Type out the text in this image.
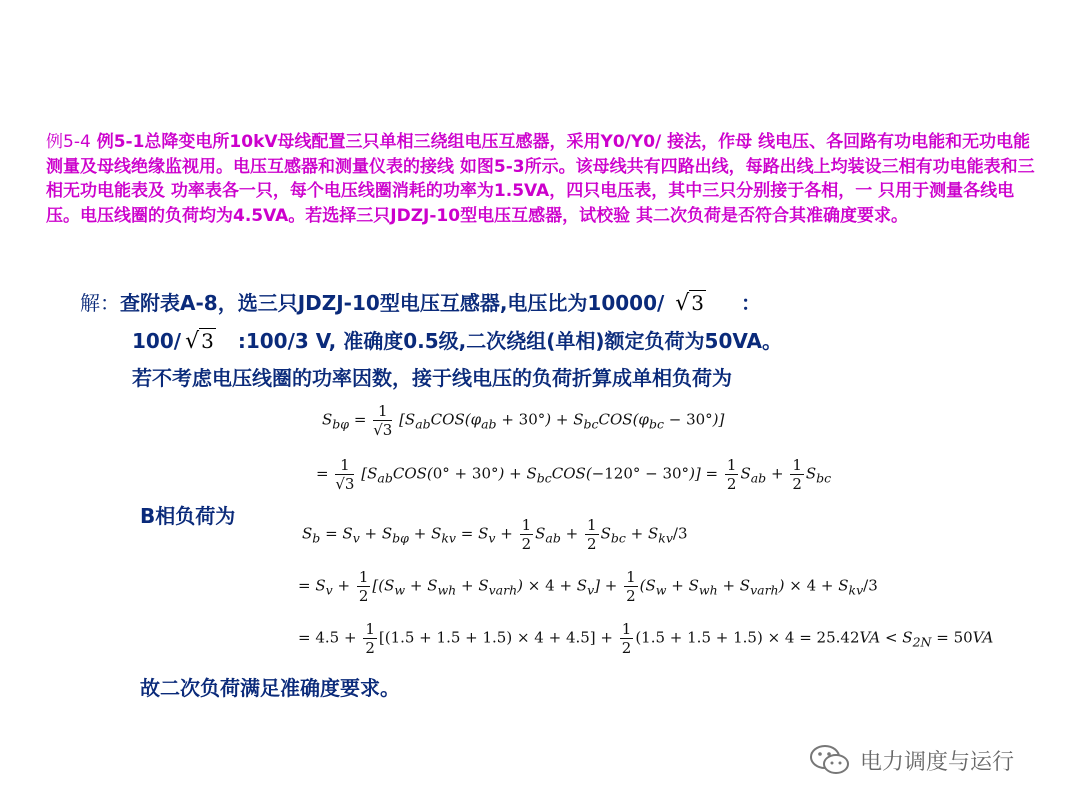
例5-4 例5-1总降变电所10kV母线配置三只单相三绕组电压互感器，采用Y0/Y0/ 接法，作母 线电压、各回路有功电能和无功电能测量及母线绝缘监视用。电压互感器和测量仪表的接线 如图5-3所示。该母线共有四路出线，每路出线上均装设三相有功电能表和三相无功电能表及 功率表各一只，每个电压线圈消耗的功率为1.5VA，四只电压表，其中三只分别接于各相，一 只用于测量各线电压。电压线圈的负荷均为4.5VA。若选择三只JDZJ-10型电压互感器，试校验 其二次负荷是否符合其准确度要求。
解：查附表A-8，选三只JDZJ-10型电压互感器,电压比为10000/ √ 3 ：
100/ √ 3 :100/3 V, 准确度0.5级,二次绕组(单相)额定负荷为50VA。
若不考虑电压线圈的功率因数，接于线电压的负荷折算成单相负荷为
$S_{b\varphi} = \frac{1}{√3} [S_{ab}COS(\varphi_{ab} + 30^\circ) + S_{bc}COS(\varphi_{bc} - 30^\circ)]$
= $\frac{1}{√3} [S_{ab}COS(0^\circ + 30^\circ) + S_{bc}COS(-120^\circ - 30^\circ)] = \frac{1}{2} S_{ab} + \frac{1}{2} S_{bc}$
B相负荷为
$S_b = S_v + S_{b\varphi} + S_{kv} = S_v + \frac{1}{2} S_{ab} + \frac{1}{2} S_{bc} + S_{kv}/3$
= $S_v + \frac{1}{2} [(S_w + S_{wh} + S_{varh}) \times 4 + S_v] + \frac{1}{2} (S_w + S_{wh} + S_{varh}) \times 4 + S_{kv}/3$
= $4.5 + \frac{1}{2} [(1.5 + 1.5 + 1.5) \times 4 + 4.5] + \frac{1}{2} (1.5 + 1.5 + 1.5) \times 4 = 25.42VA < S_{2N} = 50VA$
故二次负荷满足准确度要求。
电力调度与运行
